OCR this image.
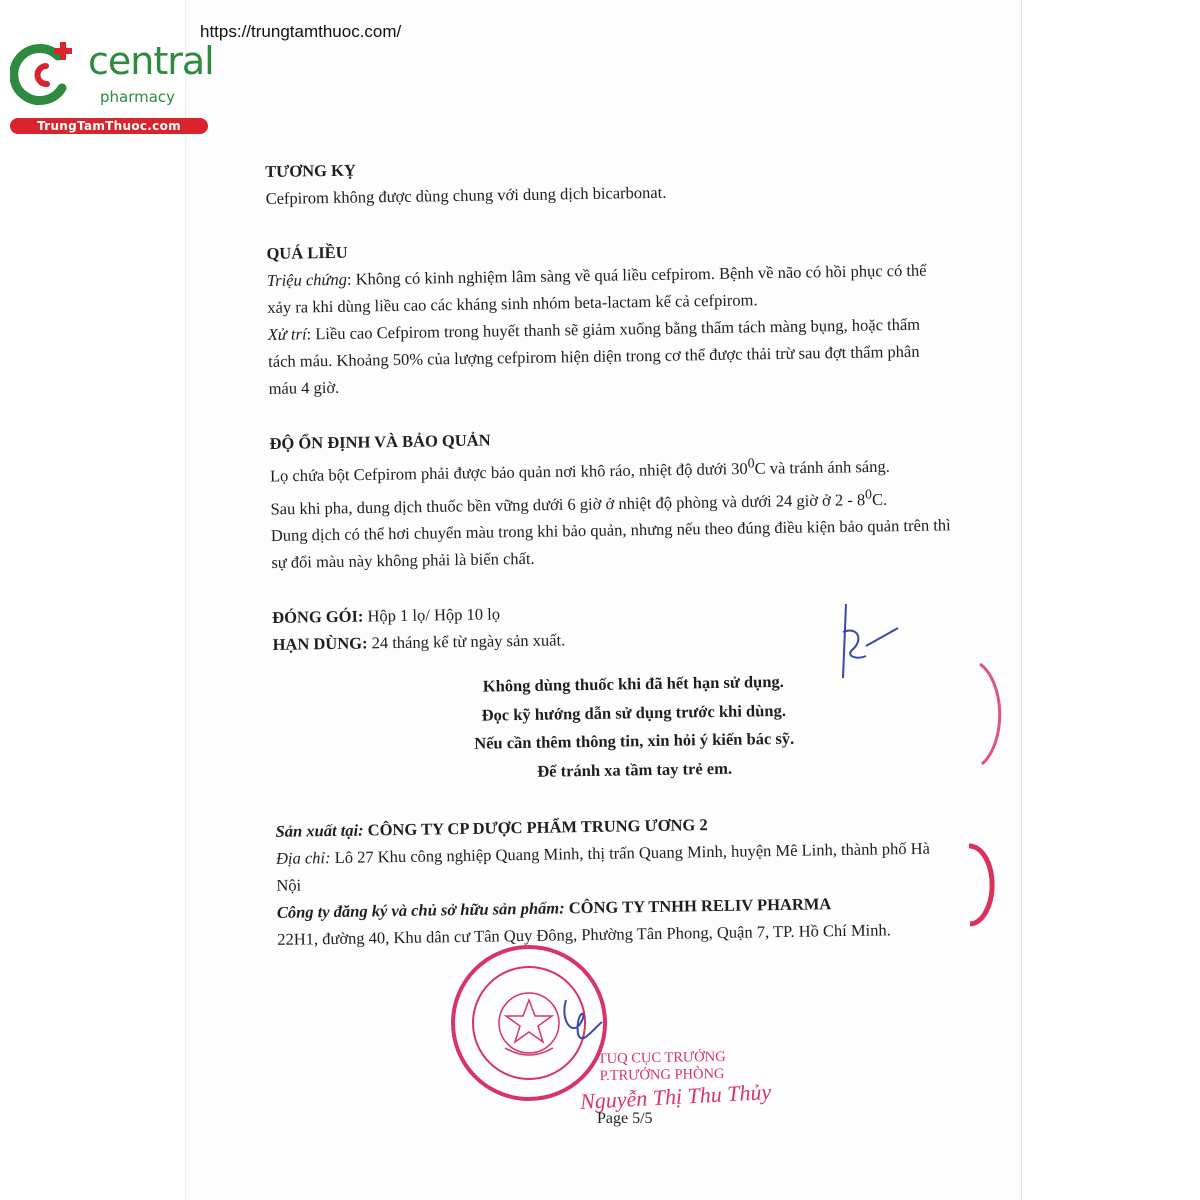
https://trungtamthuoc.com/
central
pharmacy
TrungTamThuoc.com
TUQ CỤC TRƯỞNG
P.TRƯỞNG PHÒNG
Nguyễn Thị Thu Thủy
Page 5/5
TƯƠNG KỴ

Cefpirom không được dùng chung với dung dịch bicarbonat.

QUÁ LIỀU

Triệu chứng: Không có kinh nghiệm lâm sàng về quá liều cefpirom. Bệnh về não có hồi phục có thể xảy ra khi dùng liều cao các kháng sinh nhóm beta-lactam kể cả cefpirom.

Xử trí: Liều cao Cefpirom trong huyết thanh sẽ giảm xuống bằng thẩm tách màng bụng, hoặc thẩm tách máu. Khoảng 50% của lượng cefpirom hiện diện trong cơ thể được thải trừ sau đợt thẩm phân máu 4 giờ.

ĐỘ ỔN ĐỊNH VÀ BẢO QUẢN

Lọ chứa bột Cefpirom phải được bảo quản nơi khô ráo, nhiệt độ dưới $30^0C$ và tránh ánh sáng.

Sau khi pha, dung dịch thuốc bền vững dưới 6 giờ ở nhiệt độ phòng và dưới 24 giờ ở $2 - 8^0C$.

Dung dịch có thể hơi chuyển màu trong khi bảo quản, nhưng nếu theo đúng điều kiện bảo quản trên thì sự đổi màu này không phải là biến chất.

ĐÓNG GÓI: Hộp 1 lọ/ Hộp 10 lọ

HẠN DÙNG: 24 tháng kể từ ngày sản xuất.

Không dùng thuốc khi đã hết hạn sử dụng.

Đọc kỹ hướng dẫn sử dụng trước khi dùng.

Nếu cần thêm thông tin, xin hỏi ý kiến bác sỹ.

Để tránh xa tầm tay trẻ em.

Sản xuất tại: CÔNG TY CP DƯỢC PHẨM TRUNG ƯƠNG 2

Địa chỉ: Lô 27 Khu công nghiệp Quang Minh, thị trấn Quang Minh, huyện Mê Linh, thành phố Hà Nội

Công ty đăng ký và chủ sở hữu sản phẩm: CÔNG TY TNHH RELIV PHARMA

22H1, đường 40, Khu dân cư Tân Quy Đông, Phường Tân Phong, Quận 7, TP. Hồ Chí Minh.
